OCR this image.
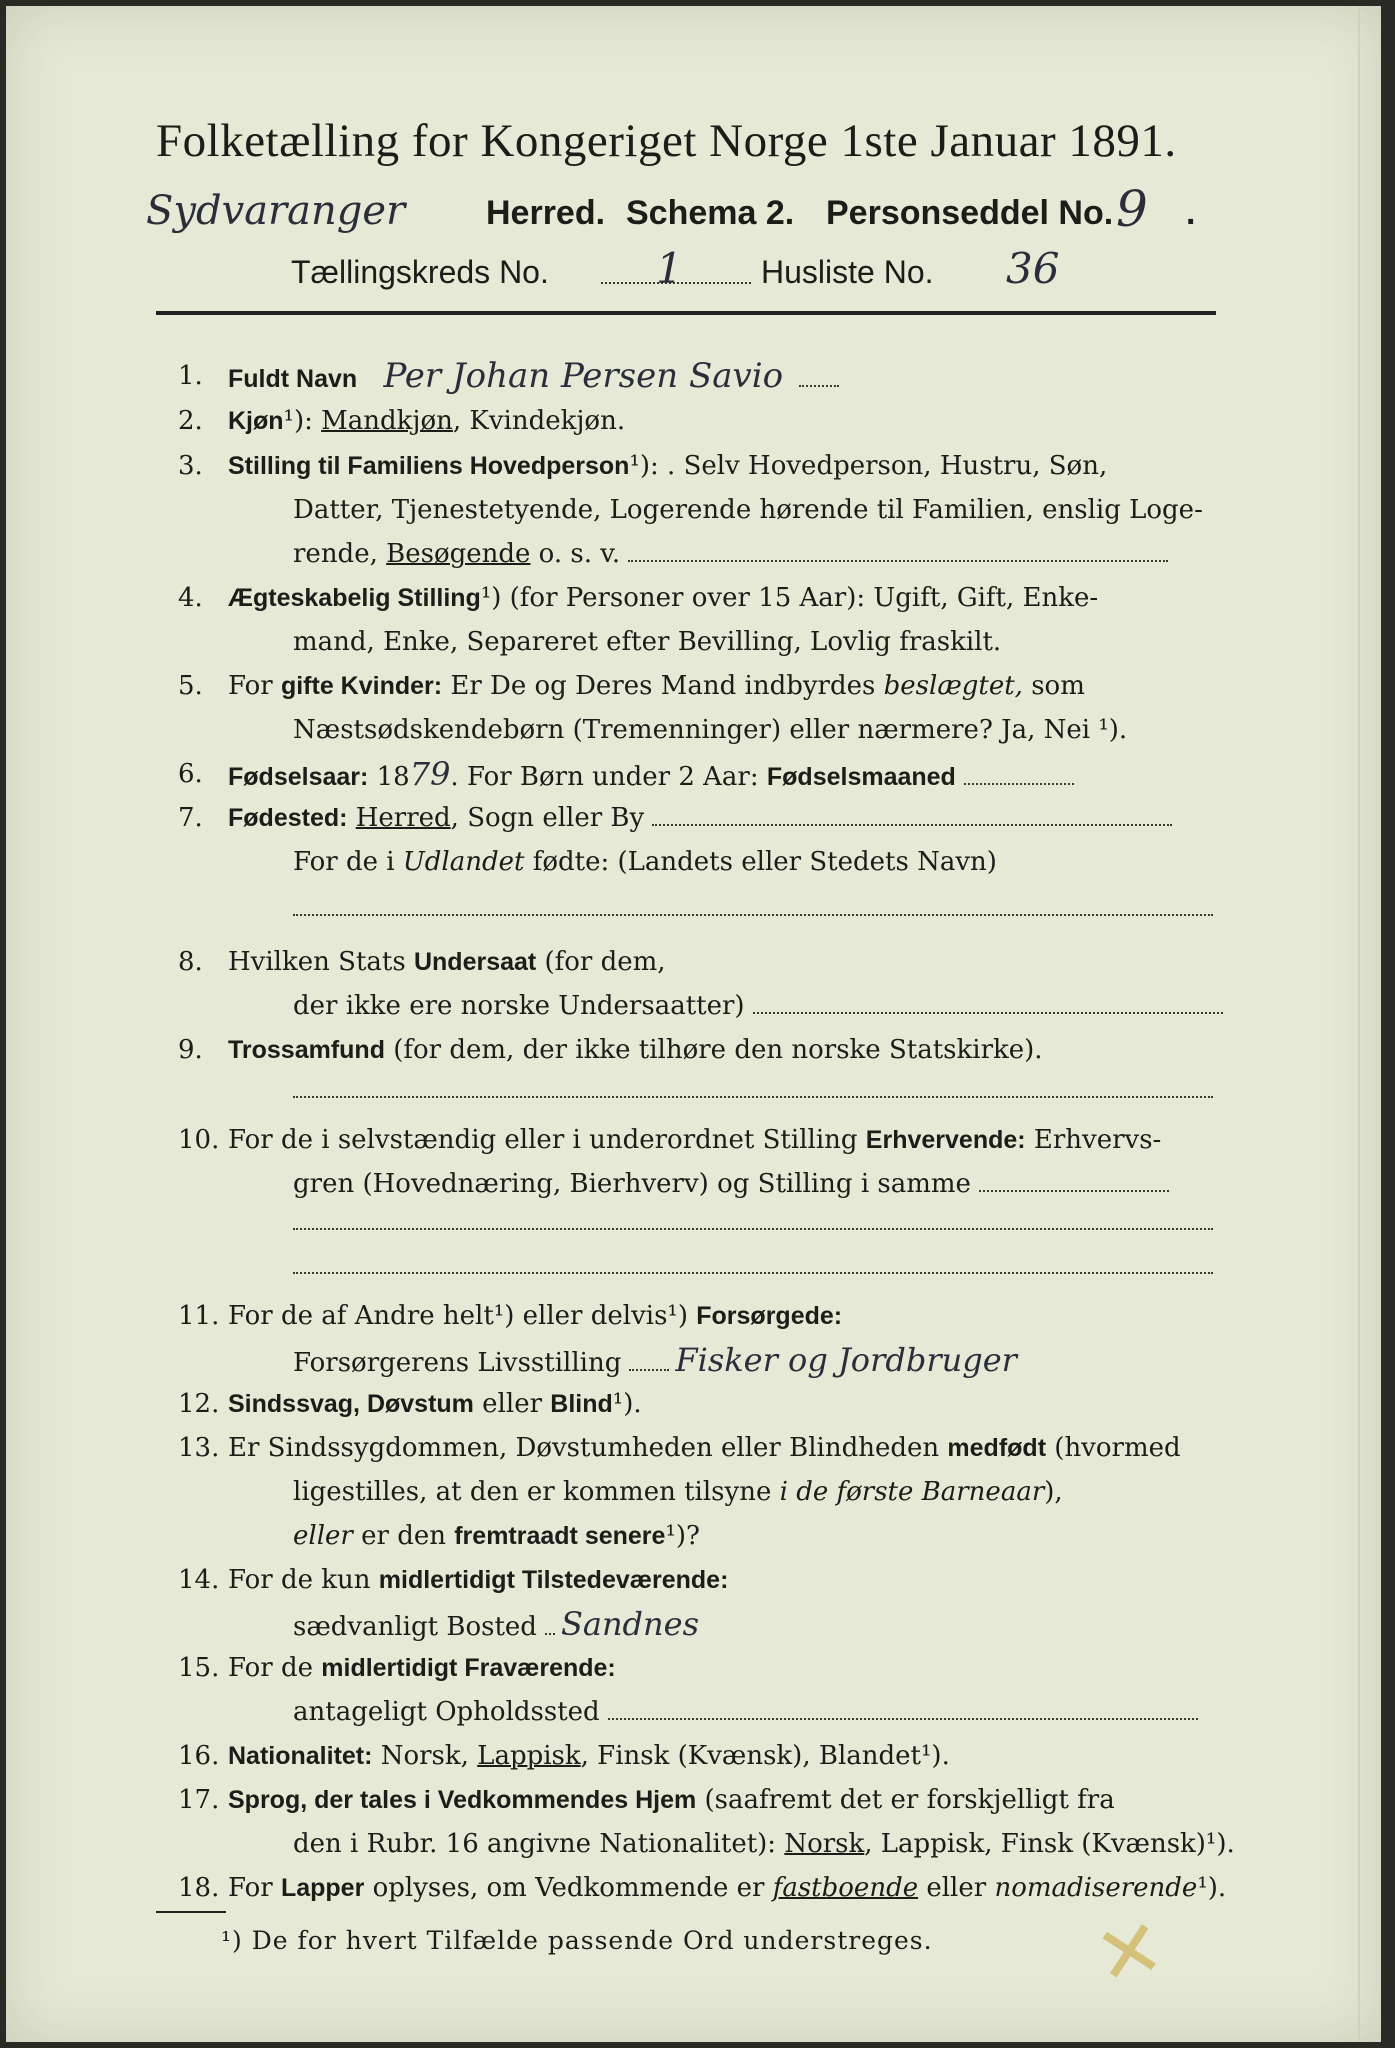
Folketælling for Kongeriget Norge 1ste Januar 1891.
Sydvaranger Herred. Schema 2. Personseddel No. 9 .
Tællingskreds No.	1 Husliste No. 36
1.	Fuldt Navn Per Johan Persen Savio
2.	Kjøn¹): Mandkjøn, Kvindekjøn.
3.	Stilling til Familiens Hovedperson¹): . Selv Hovedperson, Hustru, Søn,
Datter, Tjenestetyende, Logerende hørende til Familien, enslig Loge-
rende, Besøgende o. s. v.
4.	Ægteskabelig Stilling¹) (for Personer over 15 Aar): Ugift, Gift, Enke-
mand, Enke, Separeret efter Bevilling, Lovlig fraskilt.
5. For gifte Kvinder: Er De og Deres Mand indbyrdes beslægtet, som
Næstsødskendebørn (Tremenninger) eller nærmere? Ja, Nei ¹).
6.	Fødselsaar: 1879. For Børn under 2 Aar: Fødselsmaaned
7.	Fødested: Herred, Sogn eller By
For de i Udlandet fødte: (Landets eller Stedets Navn)
8. Hvilken Stats Undersaat (for dem,
der ikke ere norske Undersaatter)
9.	Trossamfund (for dem, der ikke tilhøre den norske Statskirke).
10. For de i selvstændig eller i underordnet Stilling Erhvervende: Erhvervs-
gren (Hovednæring, Bierhverv) og Stilling i samme
11. For de af Andre helt¹) eller delvis¹) Forsørgede:
Forsørgerens Livsstilling Fisker og Jordbruger
12. Sindssvag, Døvstum eller Blind¹).
13. Er Sindssygdommen, Døvstumheden eller Blindheden medfødt (hvormed
ligestilles, at den er kommen tilsyne i de første Barneaar),
eller er den fremtraadt senere¹)?
14. For de kun midlertidigt Tilstedeværende:
sædvanligt Bosted Sandnes
15. For de midlertidigt Fraværende:
antageligt Opholdssted
16. Nationalitet: Norsk, Lappisk, Finsk (Kvænsk), Blandet¹).
17. Sprog, der tales i Vedkommendes Hjem (saafremt det er forskjelligt fra
den i Rubr. 16 angivne Nationalitet): Norsk, Lappisk, Finsk (Kvænsk)¹).
18. For Lapper oplyses, om Vedkommende er fastboende eller nomadiserende¹).
¹) De for hvert Tilfælde passende Ord understreges. ✕
